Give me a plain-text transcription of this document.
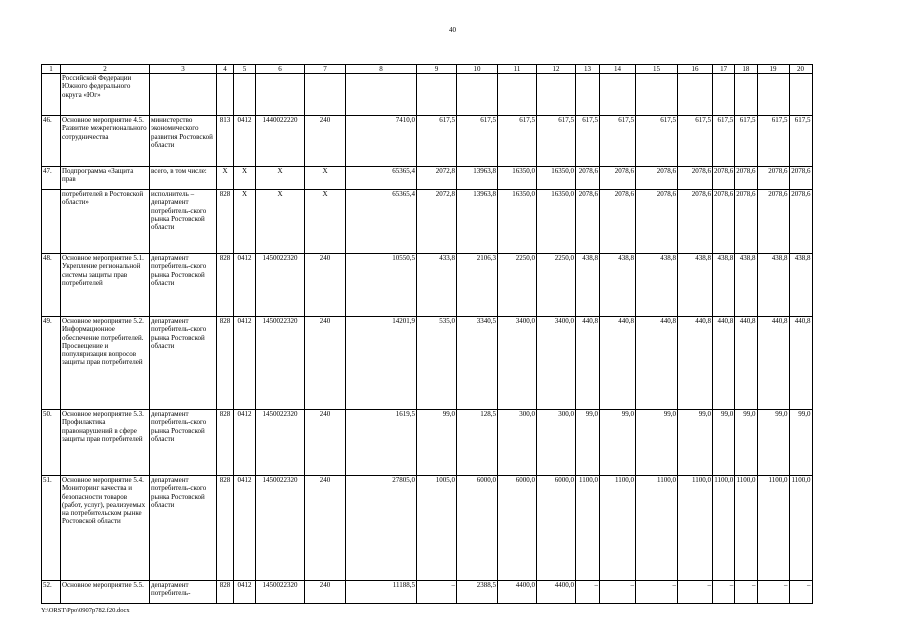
40
1	2	3	4	5	6	7	8	9	10	11	12	13	14	15	16	17	18	19	20
	Российской Федерации Южного федерального округа «Юг»																		
46.	Основное мероприятие 4.5. Развитие межрегионального сотрудничества	министерство экономического развития Ростовской области	813	0412	1440022220	240	7410,0	617,5	617,5	617,5	617,5	617,5	617,5	617,5	617,5	617,5	617,5	617,5	617,5
47.	Подпрограмма «Защита прав	всего, в том числе:	X	X	X	X	65365,4	2072,8	13963,8	16350,0	16350,0	2078,6	2078,6	2078,6	2078,6	2078,6	2078,6	2078,6	2078,6
	потребителей в Ростовской области»	исполнитель – департамент потребитель-ского рынка Ростовской области	828	X	X	X	65365,4	2072,8	13963,8	16350,0	16350,0	2078,6	2078,6	2078,6	2078,6	2078,6	2078,6	2078,6	2078,6
48.	Основное мероприятие 5.1. Укрепление региональной системы защиты прав потребителей	департамент потребитель-ского рынка Ростовской области	828	0412	1450022320	240	10550,5	433,8	2106,3	2250,0	2250,0	438,8	438,8	438,8	438,8	438,8	438,8	438,8	438,8
49.	Основное мероприятие 5.2. Информационное обеспечение потребителей. Просвещение и популяризация вопросов защиты прав потребителей	департамент потребитель-ского рынка Ростовской области	828	0412	1450022320	240	14201,9	535,0	3340,5	3400,0	3400,0	440,8	440,8	440,8	440,8	440,8	440,8	440,8	440,8
50.	Основное мероприятие 5.3. Профилактика правонарушений в сфере защиты прав потребителей	департамент потребитель-ского рынка Ростовской области	828	0412	1450022320	240	1619,5	99,0	128,5	300,0	300,0	99,0	99,0	99,0	99,0	99,0	99,0	99,0	99,0
51.	Основное мероприятие 5.4. Мониторинг качества и безопасности товаров (работ, услуг), реализуемых на потребительском рынке Ростовской области	департамент потребитель-ского рынка Ростовской области	828	0412	1450022320	240	27805,0	1005,0	6000,0	6000,0	6000,0	1100,0	1100,0	1100,0	1100,0	1100,0	1100,0	1100,0	1100,0
52.	Основное мероприятие 5.5.	департамент потребитель-	828	0412	1450022320	240	11188,5	–	2388,5	4400,0	4400,0	–	–	–	–	–	–	–	–
Y:\ORST\Ppo\0907p782.f20.docx
